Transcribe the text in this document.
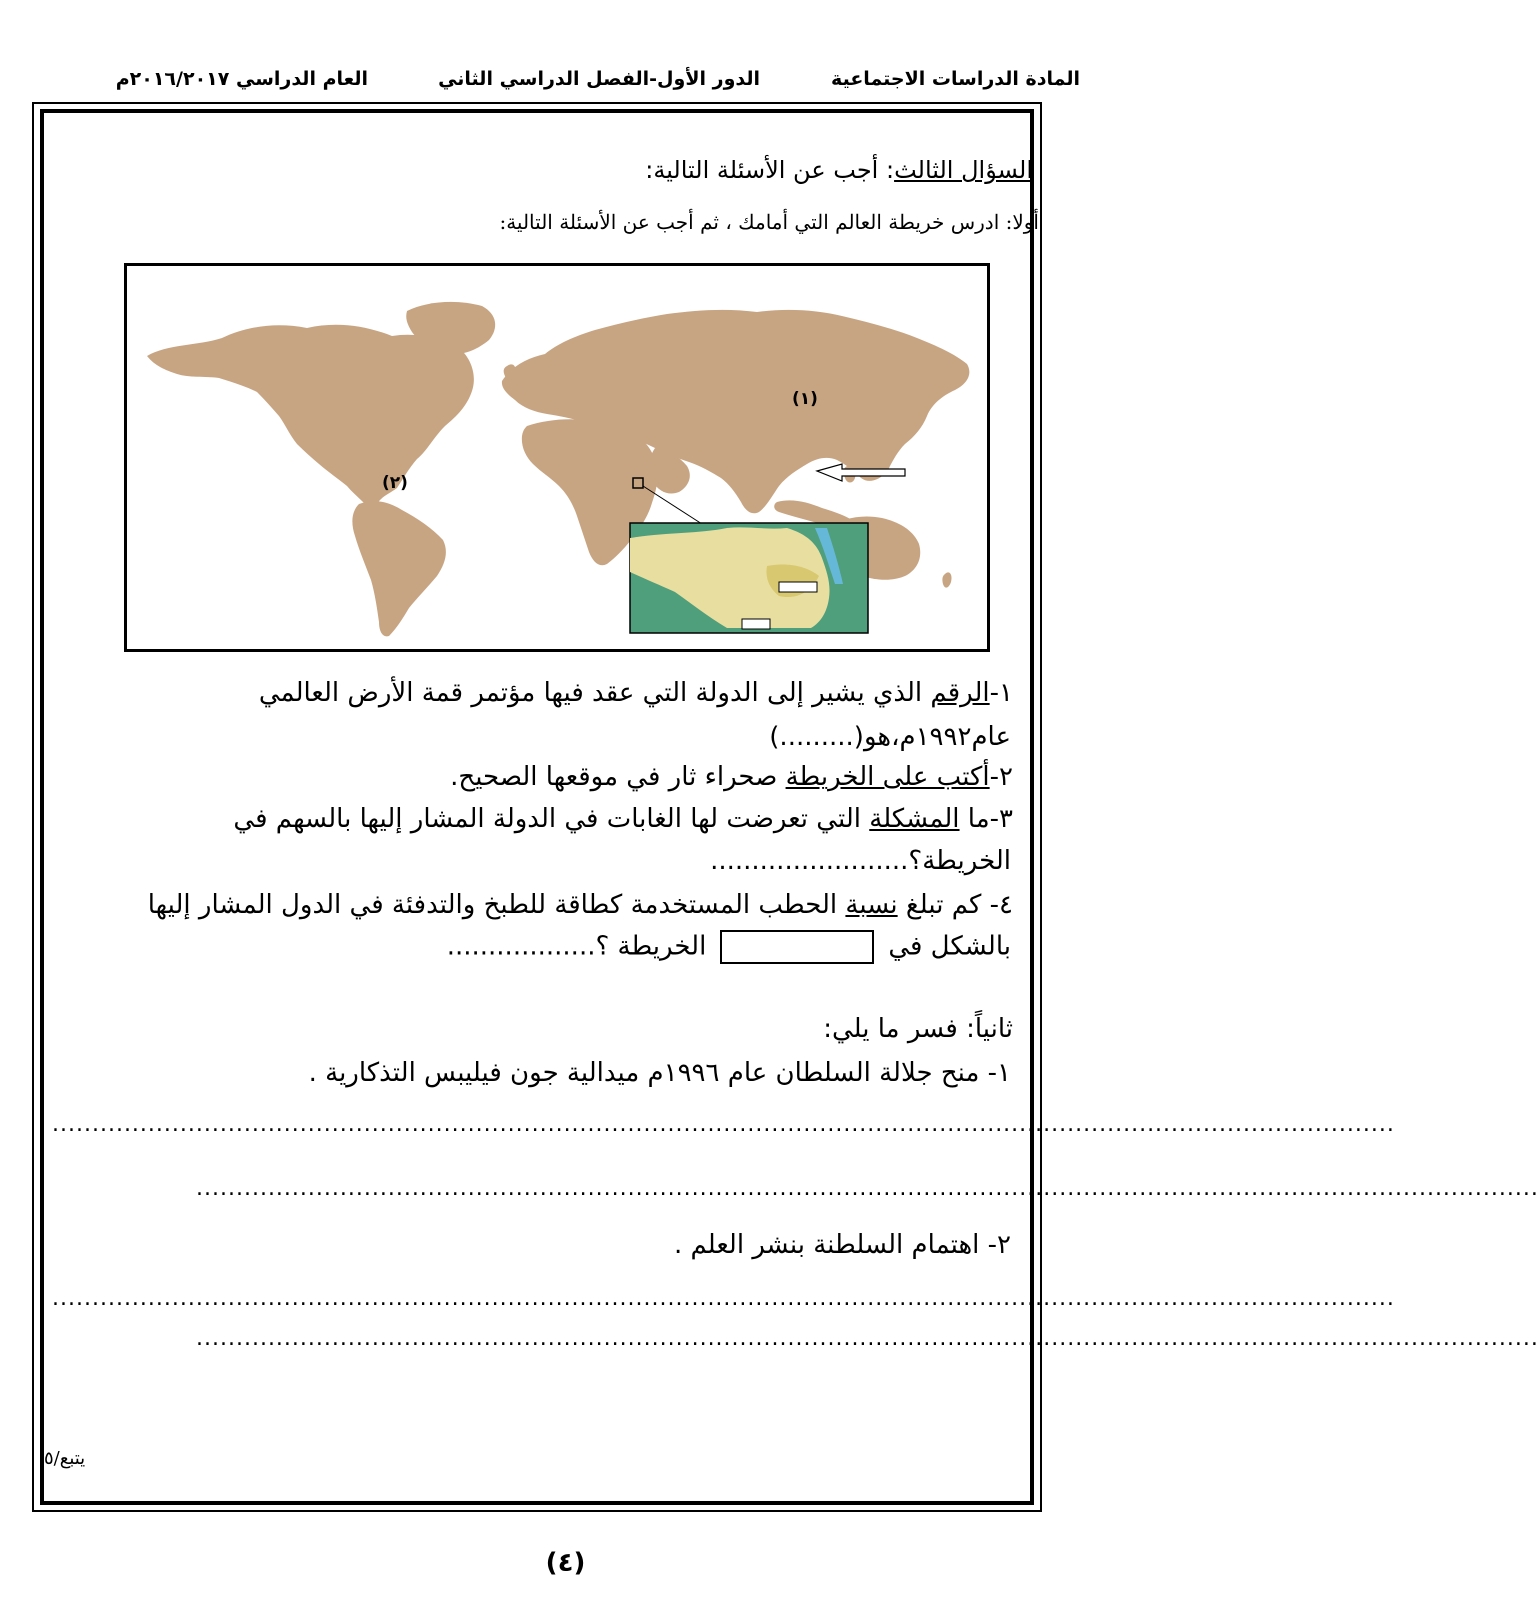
المادة الدراسات الاجتماعية
الدور الأول-الفصل الدراسي الثاني
العام الدراسي ٢٠١٦/٢٠١٧م
السؤال الثالث: أجب عن الأسئلة التالية:
أولا: ادرس خريطة العالم التي أمامك ، ثم أجب عن الأسئلة التالية:
(١)
(٢)
١-الرقم الذي يشير إلى الدولة التي عقد فيها مؤتمر قمة الأرض العالمي
عام١٩٩٢م،هو(.........)
٢-أكتب على الخريطة صحراء ثار في موقعها الصحيح.
٣-ما المشكلة التي تعرضت لها الغابات في الدولة المشار إليها بالسهم في
الخريطة؟........................
٤- كم تبلغ نسبة الحطب المستخدمة كطاقة للطبخ والتدفئة في الدول المشار إليها
بالشكل فيالخريطة ؟..................
ثانياً: فسر ما يلي:
١- منح جلالة السلطان عام ١٩٩٦م ميدالية جون فيليبس التذكارية .
........................................................................................................................................................................
........................................................................................................................................................................
٢- اهتمام السلطنة بنشر العلم .
........................................................................................................................................................................
........................................................................................................................................................................
يتبع/٥
(٤)
